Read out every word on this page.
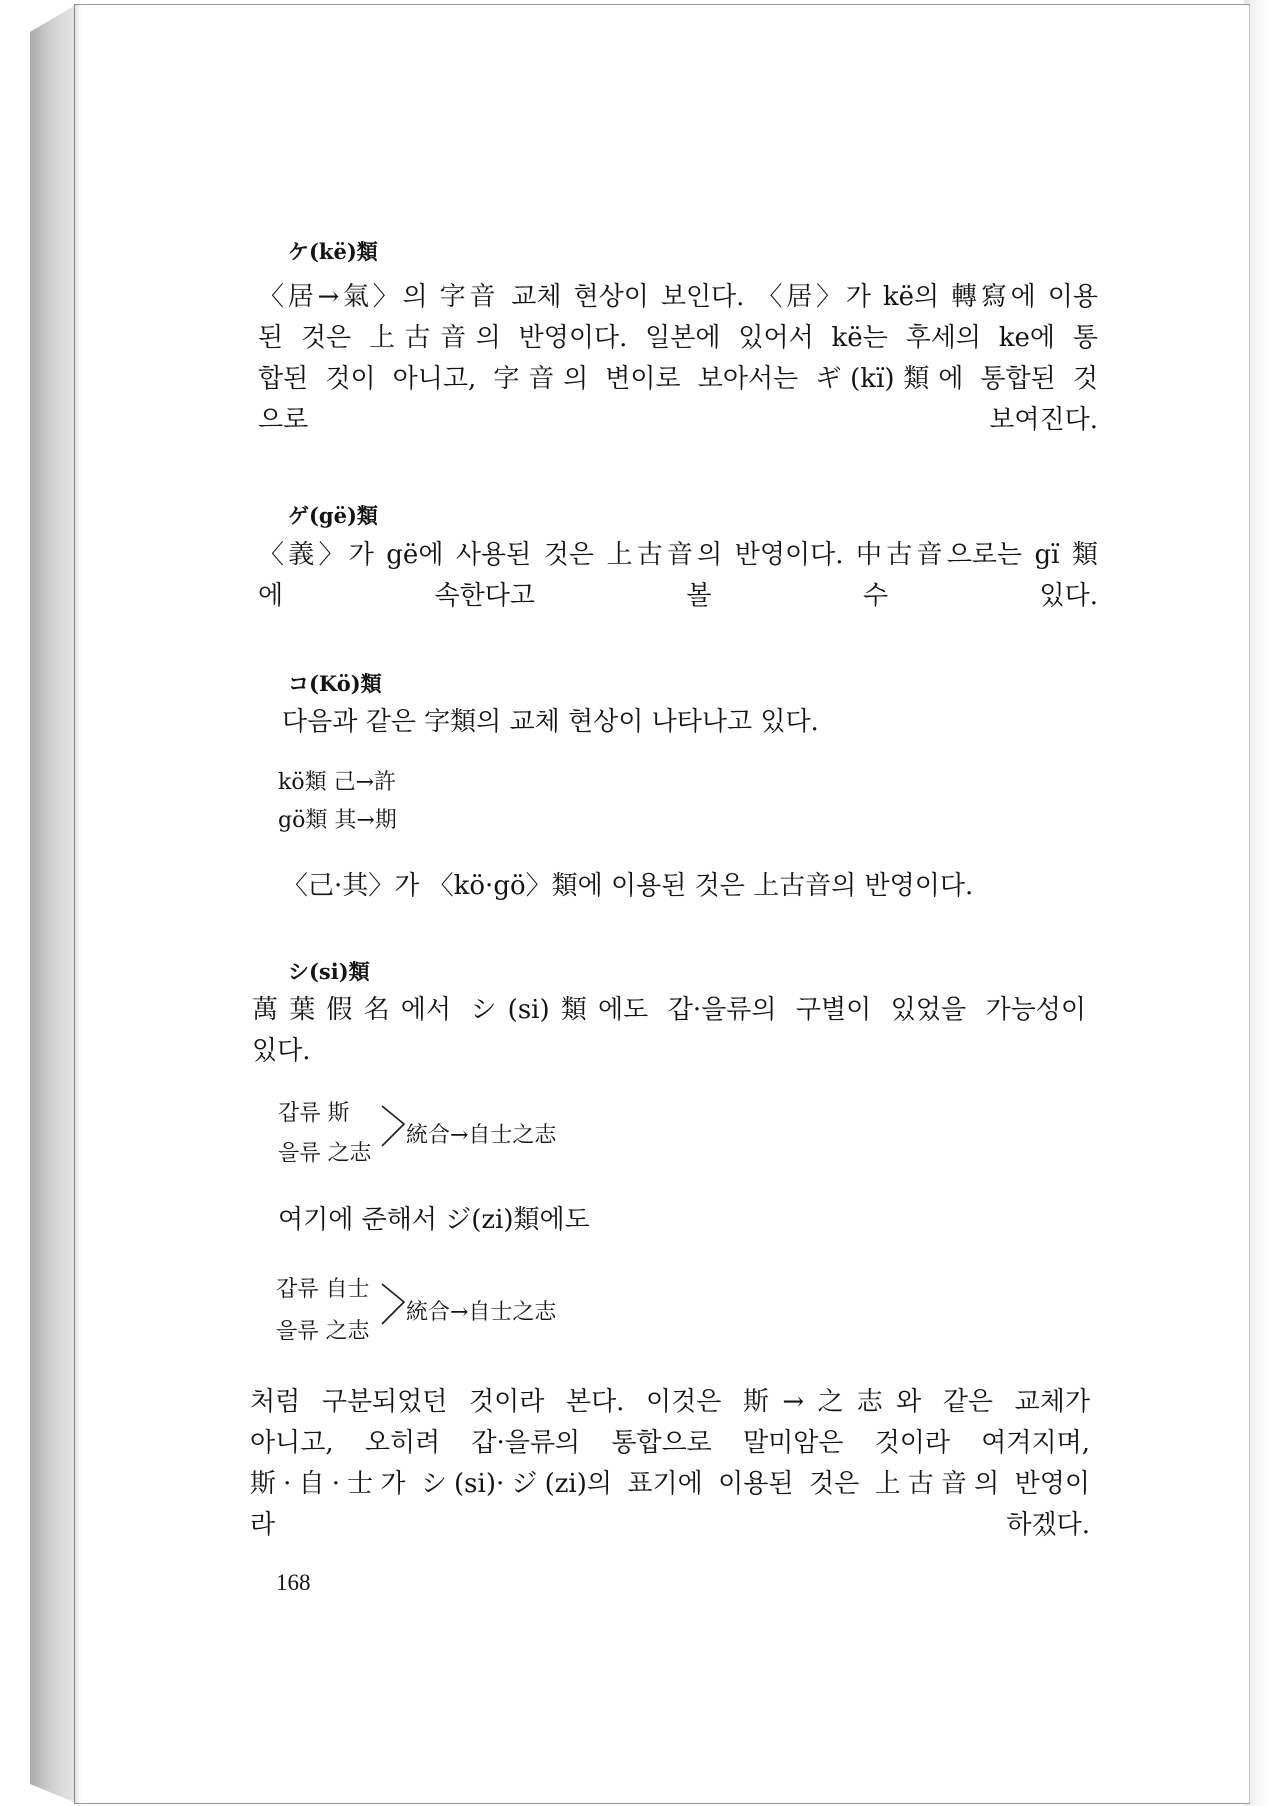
ケ(kë)類
〈居→氣〉의 字音 교체 현상이 보인다. 〈居〉가 kë의 轉寫에 이용
된 것은 上古音의 반영이다. 일본에 있어서 kë는 후세의 ke에 통
합된 것이 아니고, 字音의 변이로 보아서는 ギ(kï)類에 통합된 것
으로 보여진다.
ゲ(gë)類
〈義〉가 gë에 사용된 것은 上古音의 반영이다. 中古音으로는 gï 類
에 속한다고 볼 수 있다.
コ(Kö)類
다음과 같은 字類의 교체 현상이 나타나고 있다.
kö類 己→許
gö類 其→期
〈己·其〉가 〈kö·gö〉類에 이용된 것은 上古音의 반영이다.
シ(si)類
萬葉假名에서 シ(si)類에도 갑·을류의 구별이 있었을 가능성이
있다.
갑류 斯
을류 之志
統合→自士之志
여기에 준해서 ジ(zi)類에도
갑류 自士
을류 之志
統合→自士之志
처럼 구분되었던 것이라 본다. 이것은 斯→之志와 같은 교체가
아니고, 오히려 갑·을류의 통합으로 말미암은 것이라 여겨지며,
斯·自·士가 シ(si)·ジ(zi)의 표기에 이용된 것은 上古音의 반영이
라 하겠다.
168
